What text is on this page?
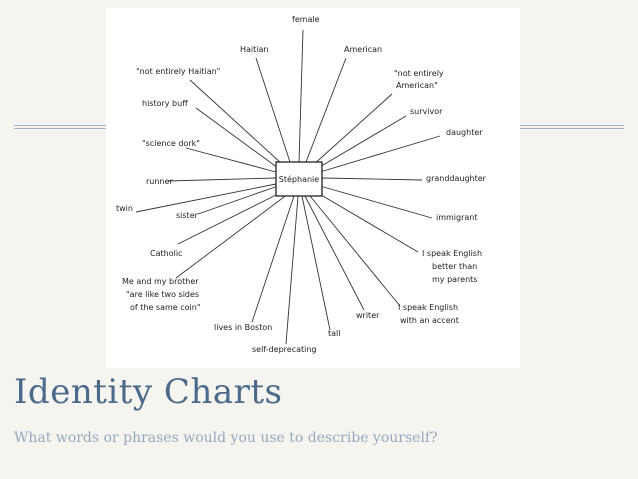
Stéphanie
female
Haitian	American
"not entirely Haitian"	"not entirely
American"
history buff
survivor
daughter
"science dork"
runner	granddaughter
twin
sister	immigrant
Catholic	I speak English
better than
my parents
Me and my brother
"are like two sides
of the same coin"	I speak English
with an accent
writer
lives in Boston
tall
self-deprecating
Identity Charts

What words or phrases would you use to describe yourself?
